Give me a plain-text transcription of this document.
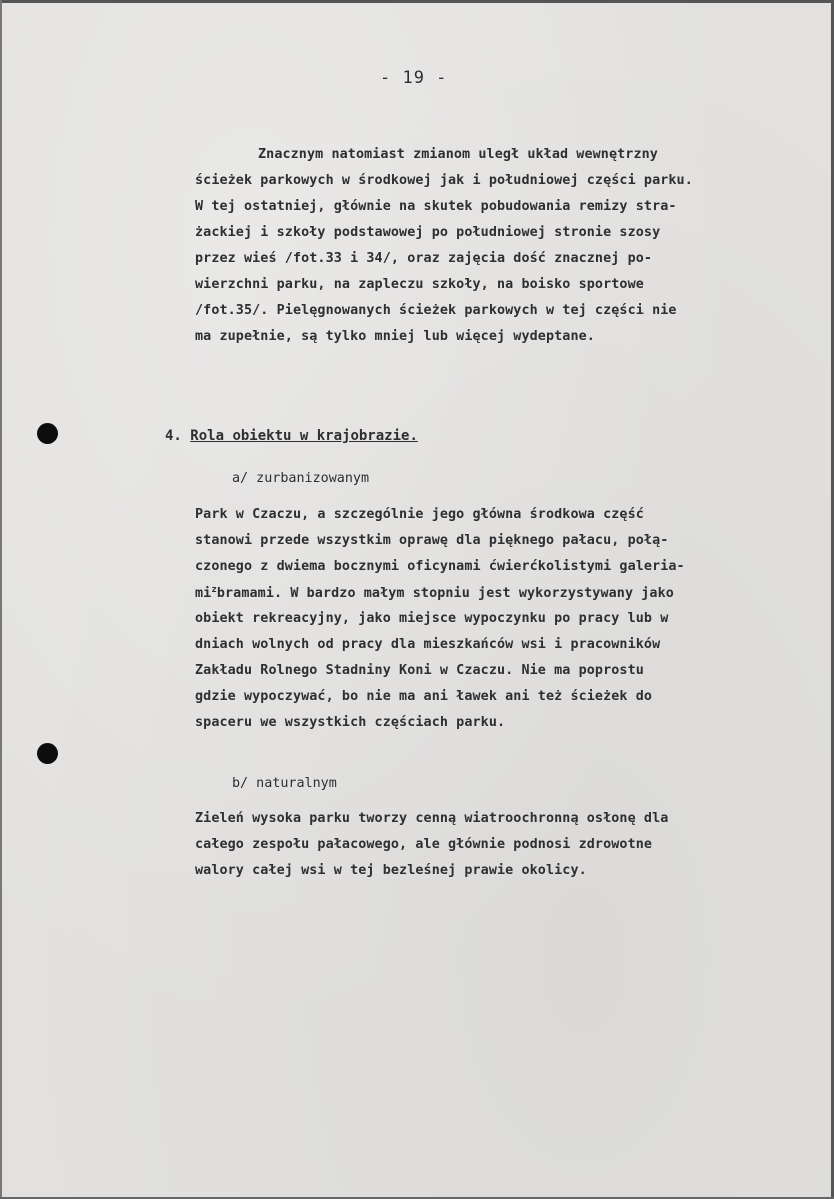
- 19 -
Znacznym natomiast zmianom uległ układ wewnętrzny
ścieżek parkowych w środkowej jak i południowej części parku.
W tej ostatniej, głównie na skutek pobudowania remizy stra-
żackiej i szkoły podstawowej po południowej stronie szosy
przez wieś /fot.33 i 34/, oraz zajęcia dość znacznej po-
wierzchni parku, na zapleczu szkoły, na boisko sportowe
/fot.35/. Pielęgnowanych ścieżek parkowych w tej części nie
ma zupełnie, są tylko mniej lub więcej wydeptane.
4. Rola obiektu w krajobrazie.
a/ zurbanizowanym
Park w Czaczu, a szczególnie jego główna środkowa część
stanowi przede wszystkim oprawę dla pięknego pałacu, połą-
czonego z dwiema bocznymi oficynami ćwierćkolistymi galeria-
$mi^zbramami$. W bardzo małym stopniu jest wykorzystywany jako
obiekt rekreacyjny, jako miejsce wypoczynku po pracy lub w
dniach wolnych od pracy dla mieszkańców wsi i pracowników
Zakładu Rolnego Stadniny Koni w Czaczu. Nie ma poprostu
gdzie wypoczywać, bo nie ma ani ławek ani też ścieżek do
spaceru we wszystkich częściach parku.
b/ naturalnym
Zieleń wysoka parku tworzy cenną wiatroochronną osłonę dla
całego zespołu pałacowego, ale głównie podnosi zdrowotne
walory całej wsi w tej bezleśnej prawie okolicy.
